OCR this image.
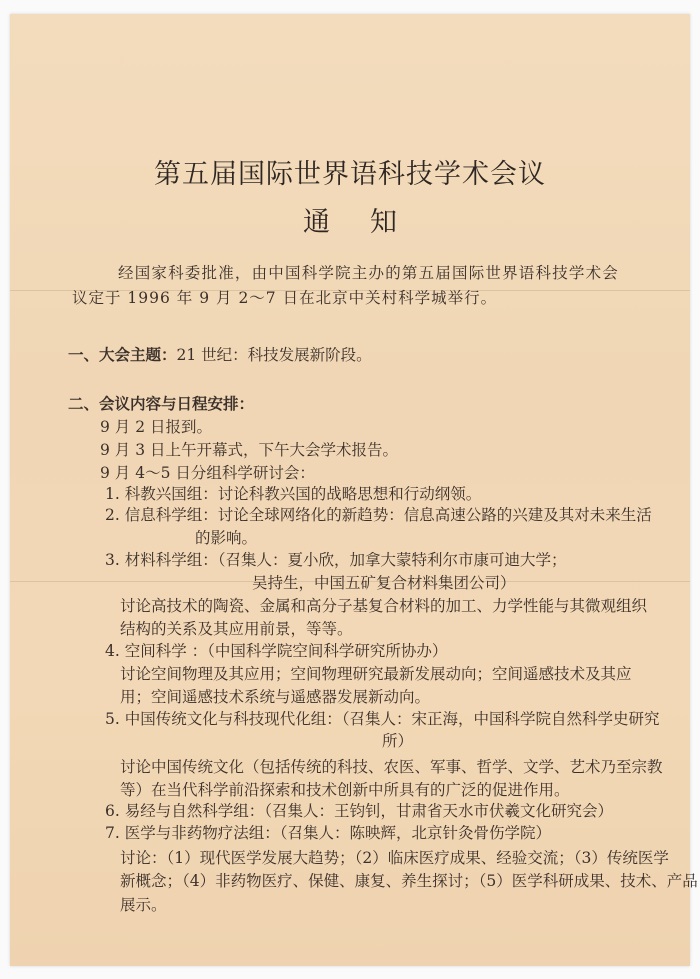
第五届国际世界语科技学术会议
通知
经国家科委批准，由中国科学院主办的第五届国际世界语科技学术会
议定于 1996 年 9 月 2～7 日在北京中关村科学城举行。
一、大会主题：21 世纪：科技发展新阶段。
二、会议内容与日程安排：
9 月 2 日报到。
9 月 3 日上午开幕式，下午大会学术报告。
9 月 4～5 日分组科学研讨会：
1. 科教兴国组：讨论科教兴国的战略思想和行动纲领。
2. 信息科学组：讨论全球网络化的新趋势：信息高速公路的兴建及其对未来生活
的影响。
3. 材料科学组：（召集人：夏小欣，加拿大蒙特利尔市康可迪大学；
吴持生，中国五矿复合材料集团公司）
讨论高技术的陶瓷、金属和高分子基复合材料的加工、力学性能与其微观组织
结构的关系及其应用前景，等等。
4. 空间科学 ：（中国科学院空间科学研究所协办）
讨论空间物理及其应用；空间物理研究最新发展动向；空间遥感技术及其应
用；空间遥感技术系统与遥感器发展新动向。
5. 中国传统文化与科技现代化组：（召集人：宋正海，中国科学院自然科学史研究
所）
讨论中国传统文化（包括传统的科技、农医、军事、哲学、文学、艺术乃至宗教
等）在当代科学前沿探索和技术创新中所具有的广泛的促进作用。
6. 易经与自然科学组：（召集人：王钧钊，甘肃省天水市伏羲文化研究会）
7. 医学与非药物疗法组：（召集人：陈映辉，北京针灸骨伤学院）
讨论：（1）现代医学发展大趋势；（2）临床医疗成果、经验交流；（3）传统医学
新概念；（4）非药物医疗、保健、康复、养生探讨；（5）医学科研成果、技术、产品
展示。
